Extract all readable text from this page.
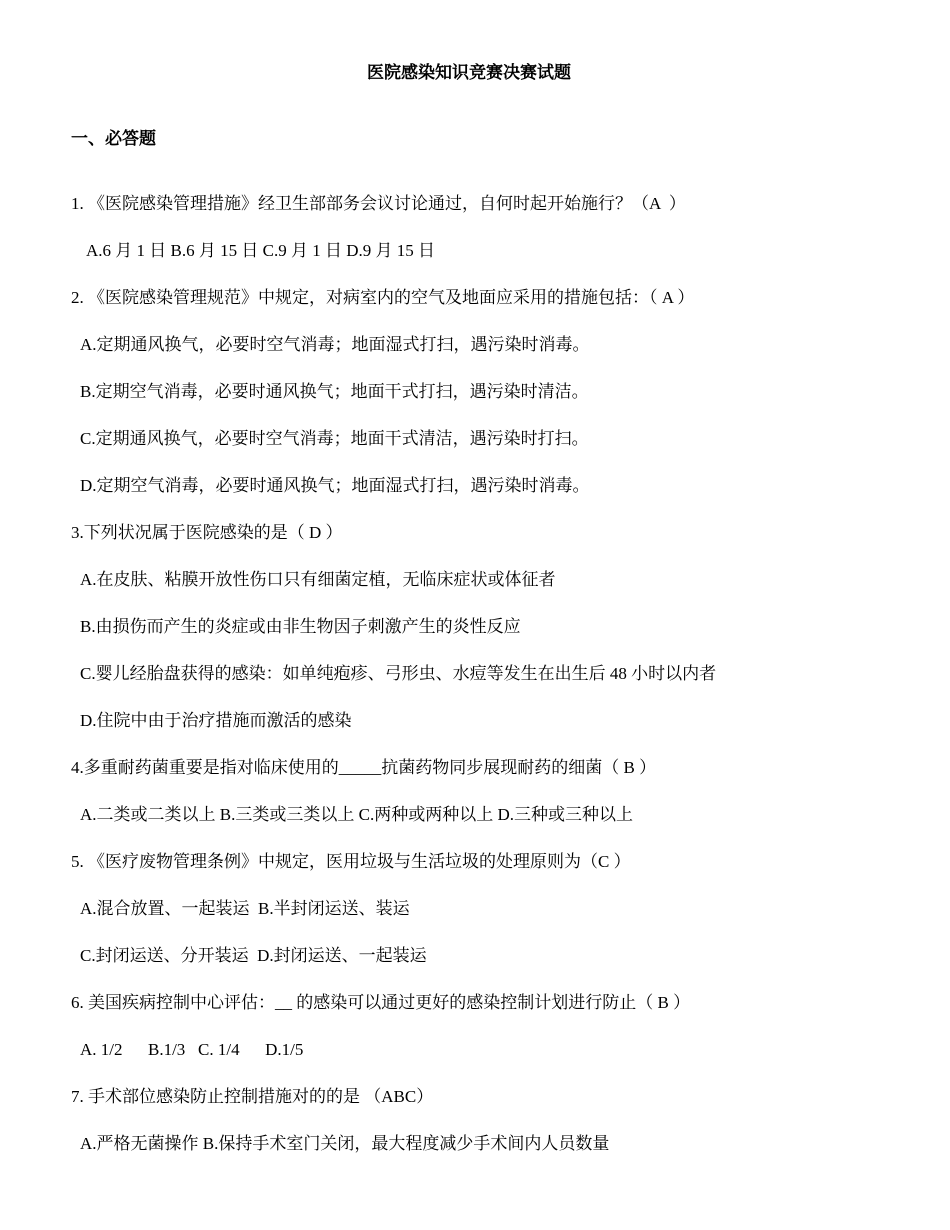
医院感染知识竞赛决赛试题
一、必答题
1. 《医院感染管理措施》经卫生部部务会议讨论通过，自何时起开始施行？（A  ）
A.6 月 1 日 B.6 月 15 日 C.9 月 1 日 D.9 月 15 日
2. 《医院感染管理规范》中规定，对病室内的空气及地面应采用的措施包括：（ A ）
A.定期通风换气，必要时空气消毒；地面湿式打扫，遇污染时消毒。
B.定期空气消毒，必要时通风换气；地面干式打扫，遇污染时清洁。
C.定期通风换气，必要时空气消毒；地面干式清洁，遇污染时打扫。
D.定期空气消毒，必要时通风换气；地面湿式打扫，遇污染时消毒。
3.下列状况属于医院感染的是（ D ）
A.在皮肤、粘膜开放性伤口只有细菌定植，无临床症状或体征者
B.由损伤而产生的炎症或由非生物因子刺激产生的炎性反应
C.婴儿经胎盘获得的感染：如单纯疱疹、弓形虫、水痘等发生在出生后 48 小时以内者
D.住院中由于治疗措施而激活的感染
4.多重耐药菌重要是指对临床使用的_____抗菌药物同步展现耐药的细菌（ B ）
A.二类或二类以上 B.三类或三类以上 C.两种或两种以上 D.三种或三种以上
5. 《医疗废物管理条例》中规定，医用垃圾与生活垃圾的处理原则为（C ）
A.混合放置、一起装运  B.半封闭运送、装运
C.封闭运送、分开装运  D.封闭运送、一起装运
6. 美国疾病控制中心评估：__ 的感染可以通过更好的感染控制计划进行防止（ B ）
A. 1/2      B.1/3   C. 1/4      D.1/5
7. 手术部位感染防止控制措施对的的是 （ABC）
A.严格无菌操作 B.保持手术室门关闭，最大程度减少手术间内人员数量
